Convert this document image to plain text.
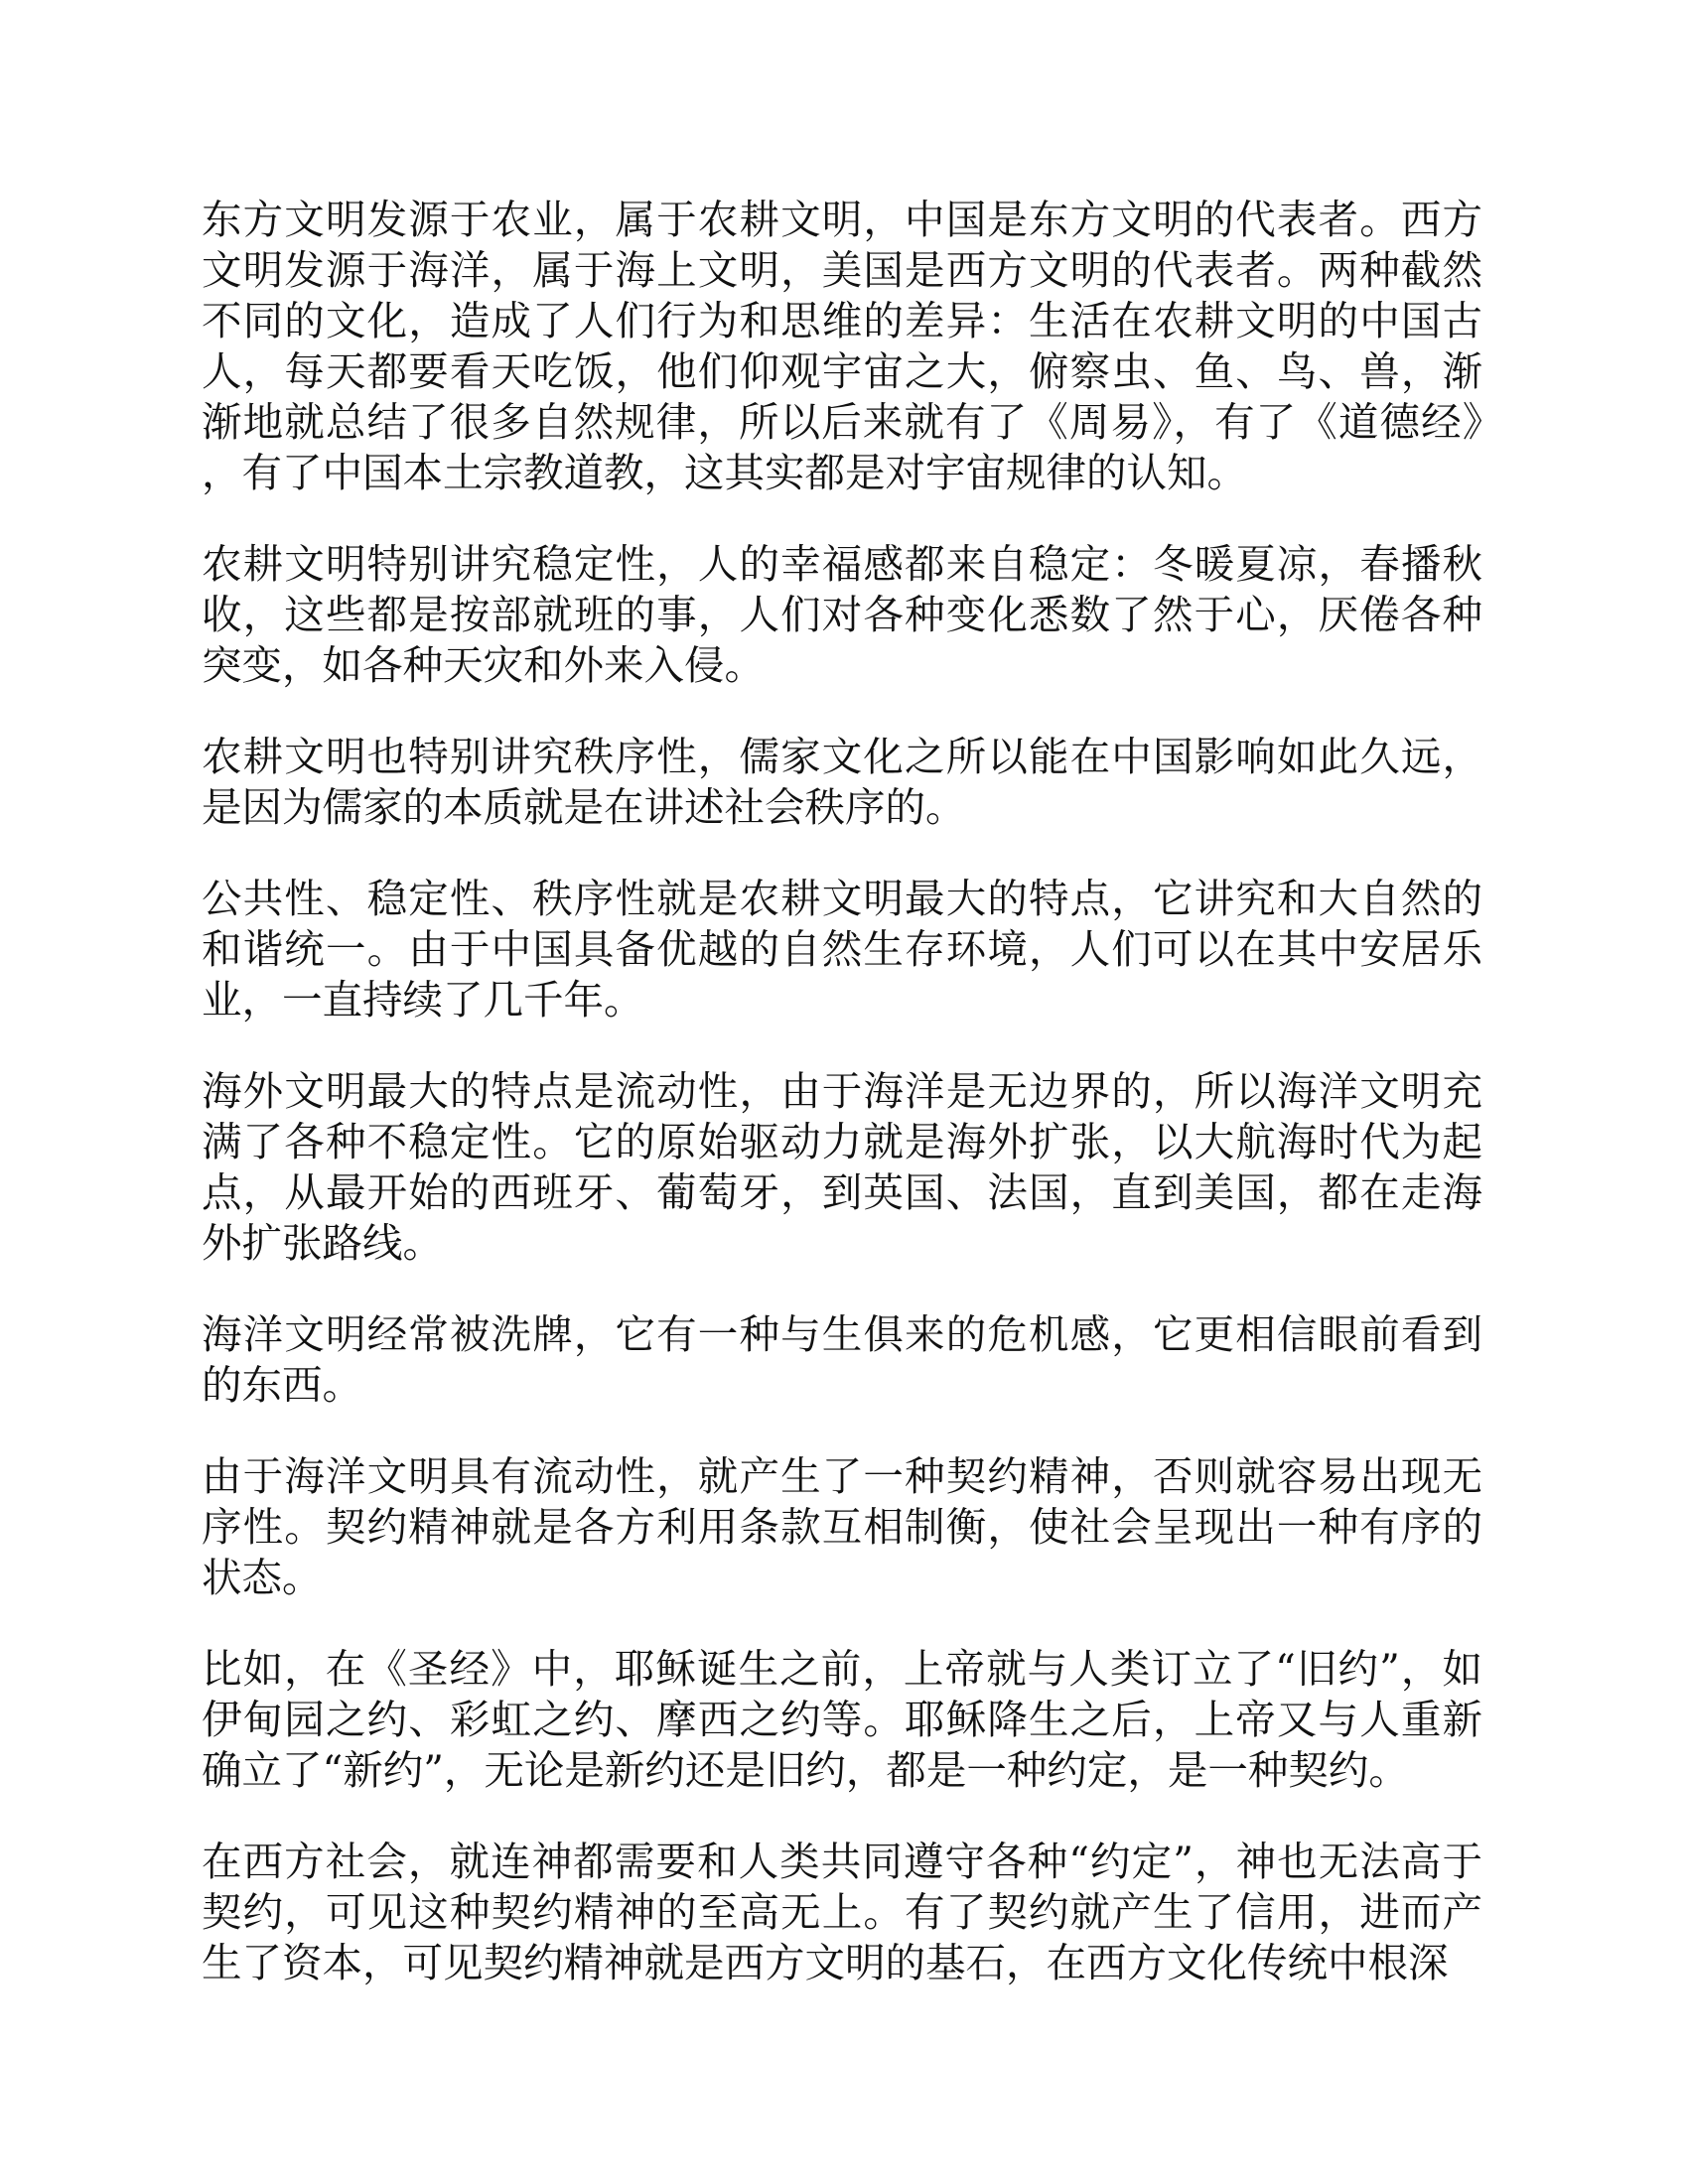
东方文明发源于农业，属于农耕文明，中国是东方文明的代表者。西方文明发源于海洋，属于海上文明，美国是西方文明的代表者。两种截然不同的文化，造成了人们行为和思维的差异：生活在农耕文明的中国古人，每天都要看天吃饭，他们仰观宇宙之大，俯察虫、鱼、鸟、兽，渐渐地就总结了很多自然规律，所以后来就有了《周易》，有了《道德经》，有了中国本土宗教道教，这其实都是对宇宙规律的认知。

农耕文明特别讲究稳定性，人的幸福感都来自稳定：冬暖夏凉，春播秋收，这些都是按部就班的事，人们对各种变化悉数了然于心，厌倦各种突变，如各种天灾和外来入侵。

农耕文明也特别讲究秩序性，儒家文化之所以能在中国影响如此久远，是因为儒家的本质就是在讲述社会秩序的。

公共性、稳定性、秩序性就是农耕文明最大的特点，它讲究和大自然的和谐统一。由于中国具备优越的自然生存环境，人们可以在其中安居乐业，一直持续了几千年。

海外文明最大的特点是流动性，由于海洋是无边界的，所以海洋文明充满了各种不稳定性。它的原始驱动力就是海外扩张，以大航海时代为起点，从最开始的西班牙、葡萄牙，到英国、法国，直到美国，都在走海外扩张路线。

海洋文明经常被洗牌，它有一种与生俱来的危机感，它更相信眼前看到的东西。

由于海洋文明具有流动性，就产生了一种契约精神，否则就容易出现无序性。契约精神就是各方利用条款互相制衡，使社会呈现出一种有序的状态。

比如，在《圣经》中，耶稣诞生之前，上帝就与人类订立了“旧约”，如伊甸园之约、彩虹之约、摩西之约等。耶稣降生之后，上帝又与人重新确立了“新约”，无论是新约还是旧约，都是一种约定，是一种契约。

在西方社会，就连神都需要和人类共同遵守各种“约定”，神也无法高于契约，可见这种契约精神的至高无上。有了契约就产生了信用，进而产生了资本，可见契约精神就是西方文明的基石，在西方文化传统中根深
